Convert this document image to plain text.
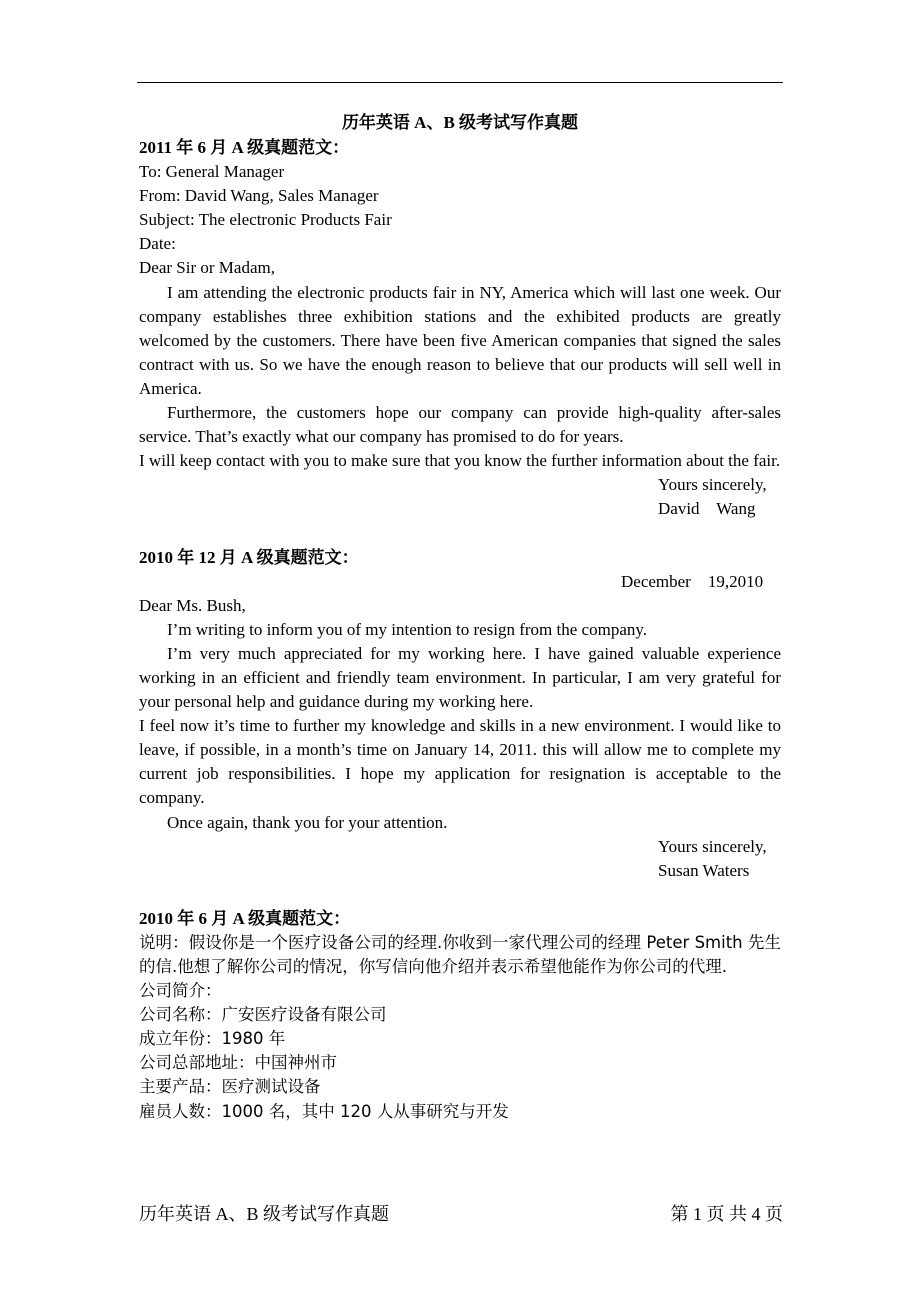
历年英语 A、B 级考试写作真题
2011 年 6 月 A 级真题范文：
To: General Manager
From: David Wang, Sales Manager
Subject: The electronic Products Fair
Date:
Dear Sir or Madam,
I am attending the electronic products fair in NY, America which will last one week. Our company establishes three exhibition stations and the exhibited products are greatly welcomed by the customers. There have been five American companies that signed the sales contract with us. So we have the enough reason to believe that our products will sell well in America.
Furthermore, the customers hope our company can provide high-quality after-sales service. That’s exactly what our company has promised to do for years.
I will keep contact with you to make sure that you know the further information about the fair.
Yours sincerely,
David    Wang
2010 年 12 月 A 级真题范文：
December    19,2010
Dear Ms. Bush,
I’m writing to inform you of my intention to resign from the company.
I’m very much appreciated for my working here. I have gained valuable experience working in an efficient and friendly team environment. In particular, I am very grateful for your personal help and guidance during my working here.
I feel now it’s time to further my knowledge and skills in a new environment. I would like to leave, if possible, in a month’s time on January 14, 2011. this will allow me to complete my current job responsibilities. I hope my application for resignation is acceptable to the company.
Once again, thank you for your attention.
Yours sincerely,
Susan Waters
2010 年 6 月 A 级真题范文：
说明：假设你是一个医疗设备公司的经理.你收到一家代理公司的经理 Peter Smith 先生的信.他想了解你公司的情况，你写信向他介绍并表示希望他能作为你公司的代理.
公司简介：
公司名称：广安医疗设备有限公司
成立年份：1980 年
公司总部地址：中国神州市
主要产品：医疗测试设备
雇员人数：1000 名，其中 120 人从事研究与开发
历年英语 A、B 级考试写作真题	第 1 页 共 4 页
